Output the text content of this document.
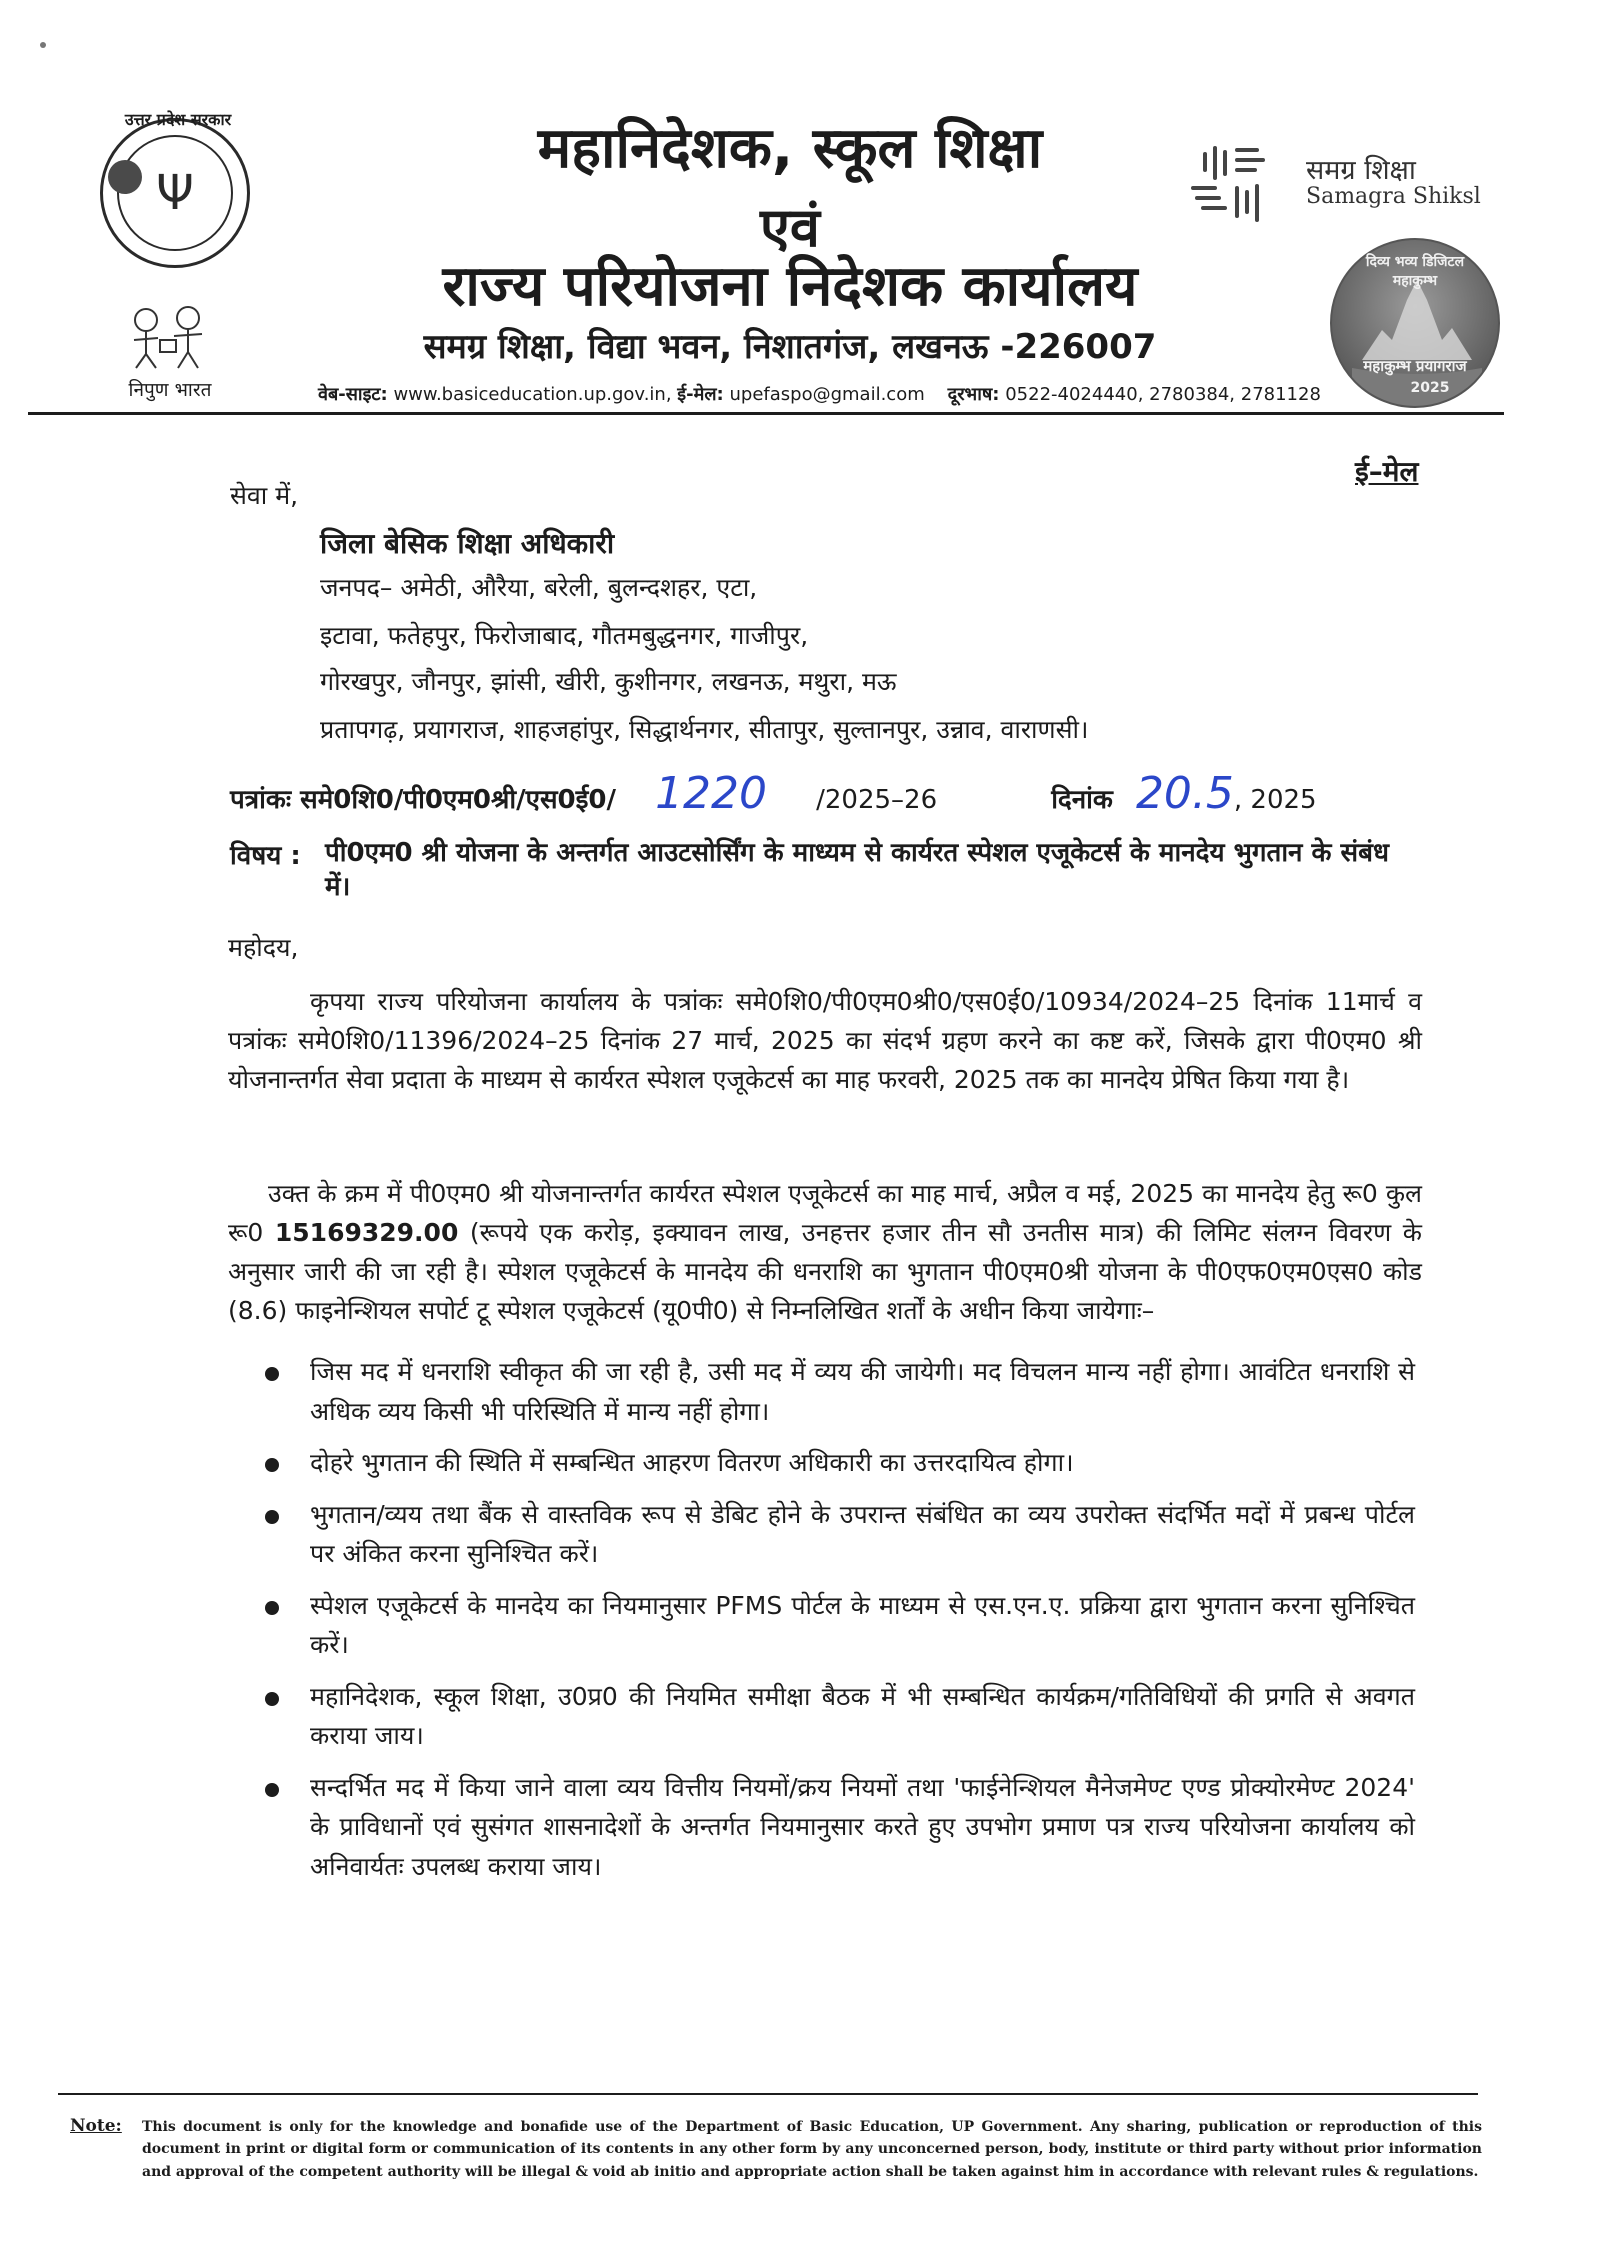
Ψ
उत्तर प्रदेश सरकार
निपुण भारत
महानिदेशक, स्कूल शिक्षा
एवं
राज्य परियोजना निदेशक कार्यालय
समग्र शिक्षा, विद्या भवन, निशातगंज, लखनऊ -226007
वेब-साइट: www.basiceducation.up.gov.in, ई-मेल: upefaspo@gmail.com दूरभाष: 0522-4024440, 2780384, 2781128
समग्र शिक्षा
Samagra Shiksl
दिव्य भव्य डिजिटल महाकुम्भ
महाकुम्भ प्रयागराज
2025
ई–मेल
सेवा में,
जिला बेसिक शिक्षा अधिकारी
जनपद– अमेठी, औरैया, बरेली, बुलन्दशहर, एटा,
इटावा, फतेहपुर, फिरोजाबाद, गौतमबुद्धनगर, गाजीपुर,
गोरखपुर, जौनपुर, झांसी, खीरी, कुशीनगर, लखनऊ, मथुरा, मऊ
प्रतापगढ़, प्रयागराज, शाहजहांपुर, सिद्धार्थनगर, सीतापुर, सुल्तानपुर, उन्नाव, वाराणसी।
पत्रांकः समे0शि0/पी0एम0श्री/एस0ई0/ 1220 /2025–26	दिनांक 20.5, 2025
विषय : पी0एम0 श्री योजना के अन्तर्गत आउटसोर्सिंग के माध्यम से कार्यरत स्पेशल एजूकेटर्स के मानदेय भुगतान के संबंध में।
महोदय,
कृपया राज्य परियोजना कार्यालय के पत्रांकः समे0शि0/पी0एम0श्री0/एस0ई0/10934/2024–25 दिनांक 11मार्च व पत्रांकः समे0शि0/11396/2024–25 दिनांक 27 मार्च, 2025 का संदर्भ ग्रहण करने का कष्ट करें, जिसके द्वारा पी0एम0 श्री योजनान्तर्गत सेवा प्रदाता के माध्यम से कार्यरत स्पेशल एजूकेटर्स का माह फरवरी, 2025 तक का मानदेय प्रेषित किया गया है।
उक्त के क्रम में पी0एम0 श्री योजनान्तर्गत कार्यरत स्पेशल एजूकेटर्स का माह मार्च, अप्रैल व मई, 2025 का मानदेय हेतु रू0 कुल रू0 15169329.00 (रूपये एक करोड़, इक्यावन लाख, उनहत्तर हजार तीन सौ उनतीस मात्र) की लिमिट संलग्न विवरण के अनुसार जारी की जा रही है। स्पेशल एजूकेटर्स के मानदेय की धनराशि का भुगतान पी0एम0श्री योजना के पी0एफ0एम0एस0 कोड (8.6) फाइनेन्शियल सपोर्ट टू स्पेशल एजूकेटर्स (यू0पी0) से निम्नलिखित शर्तों के अधीन किया जायेगाः–
जिस मद में धनराशि स्वीकृत की जा रही है, उसी मद में व्यय की जायेगी। मद विचलन मान्य नहीं होगा। आवंटित धनराशि से अधिक व्यय किसी भी परिस्थिति में मान्य नहीं होगा।
दोहरे भुगतान की स्थिति में सम्बन्धित आहरण वितरण अधिकारी का उत्तरदायित्व होगा।
भुगतान/व्यय तथा बैंक से वास्तविक रूप से डेबिट होने के उपरान्त संबंधित का व्यय उपरोक्त संदर्भित मदों में प्रबन्ध पोर्टल पर अंकित करना सुनिश्चित करें।
स्पेशल एजूकेटर्स के मानदेय का नियमानुसार PFMS पोर्टल के माध्यम से एस.एन.ए. प्रक्रिया द्वारा भुगतान करना सुनिश्चित करें।
महानिदेशक, स्कूल शिक्षा, उ0प्र0 की नियमित समीक्षा बैठक में भी सम्बन्धित कार्यक्रम/गतिविधियों की प्रगति से अवगत कराया जाय।
सन्दर्भित मद में किया जाने वाला व्यय वित्तीय नियमों/क्रय नियमों तथा 'फाईनेन्शियल मैनेजमेण्ट एण्ड प्रोक्योरमेण्ट 2024' के प्राविधानों एवं सुसंगत शासनादेशों के अन्तर्गत नियमानुसार करते हुए उपभोग प्रमाण पत्र राज्य परियोजना कार्यालय को अनिवार्यतः उपलब्ध कराया जाय।
Note: This document is only for the knowledge and bonafide use of the Department of Basic Education, UP Government. Any sharing, publication or reproduction of this document in print or digital form or communication of its contents in any other form by any unconcerned person, body, institute or third party without prior information and approval of the competent authority will be illegal & void ab initio and appropriate action shall be taken against him in accordance with relevant rules & regulations.
